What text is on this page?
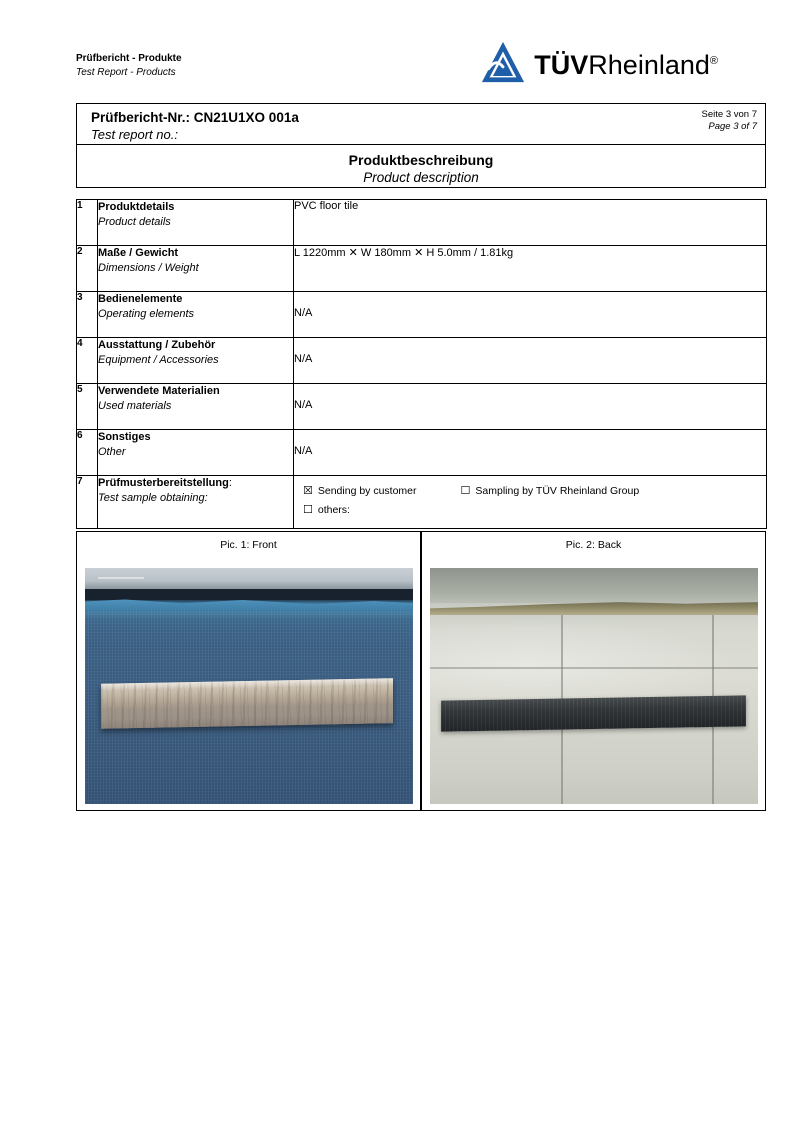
Prüfbericht - Produkte
Test Report - Products	TÜVRheinland®
Prüfbericht-Nr.: CN21U1XO 001a
Test report no.:
Seite 3 von 7
Page 3 of 7
Produktbeschreibung
Product description
1	Produktdetails
Product details	PVC floor tile
2	Maße / Gewicht
Dimensions / Weight	L 1220mm ✕ W 180mm ✕ H 5.0mm / 1.81kg
3	Bedienelemente
Operating elements	N/A
4	Ausstattung / Zubehör
Equipment / Accessories	N/A
5	Verwendete Materialien
Used materials	N/A
6	Sonstiges
Other	N/A
7	Prüfmusterbereitstellung:
Test sample obtaining:

☒ Sending by customer	☐ Sampling by TÜV Rheinland Group
☐ others:
Pic. 1: Front	Pic. 2: Back
